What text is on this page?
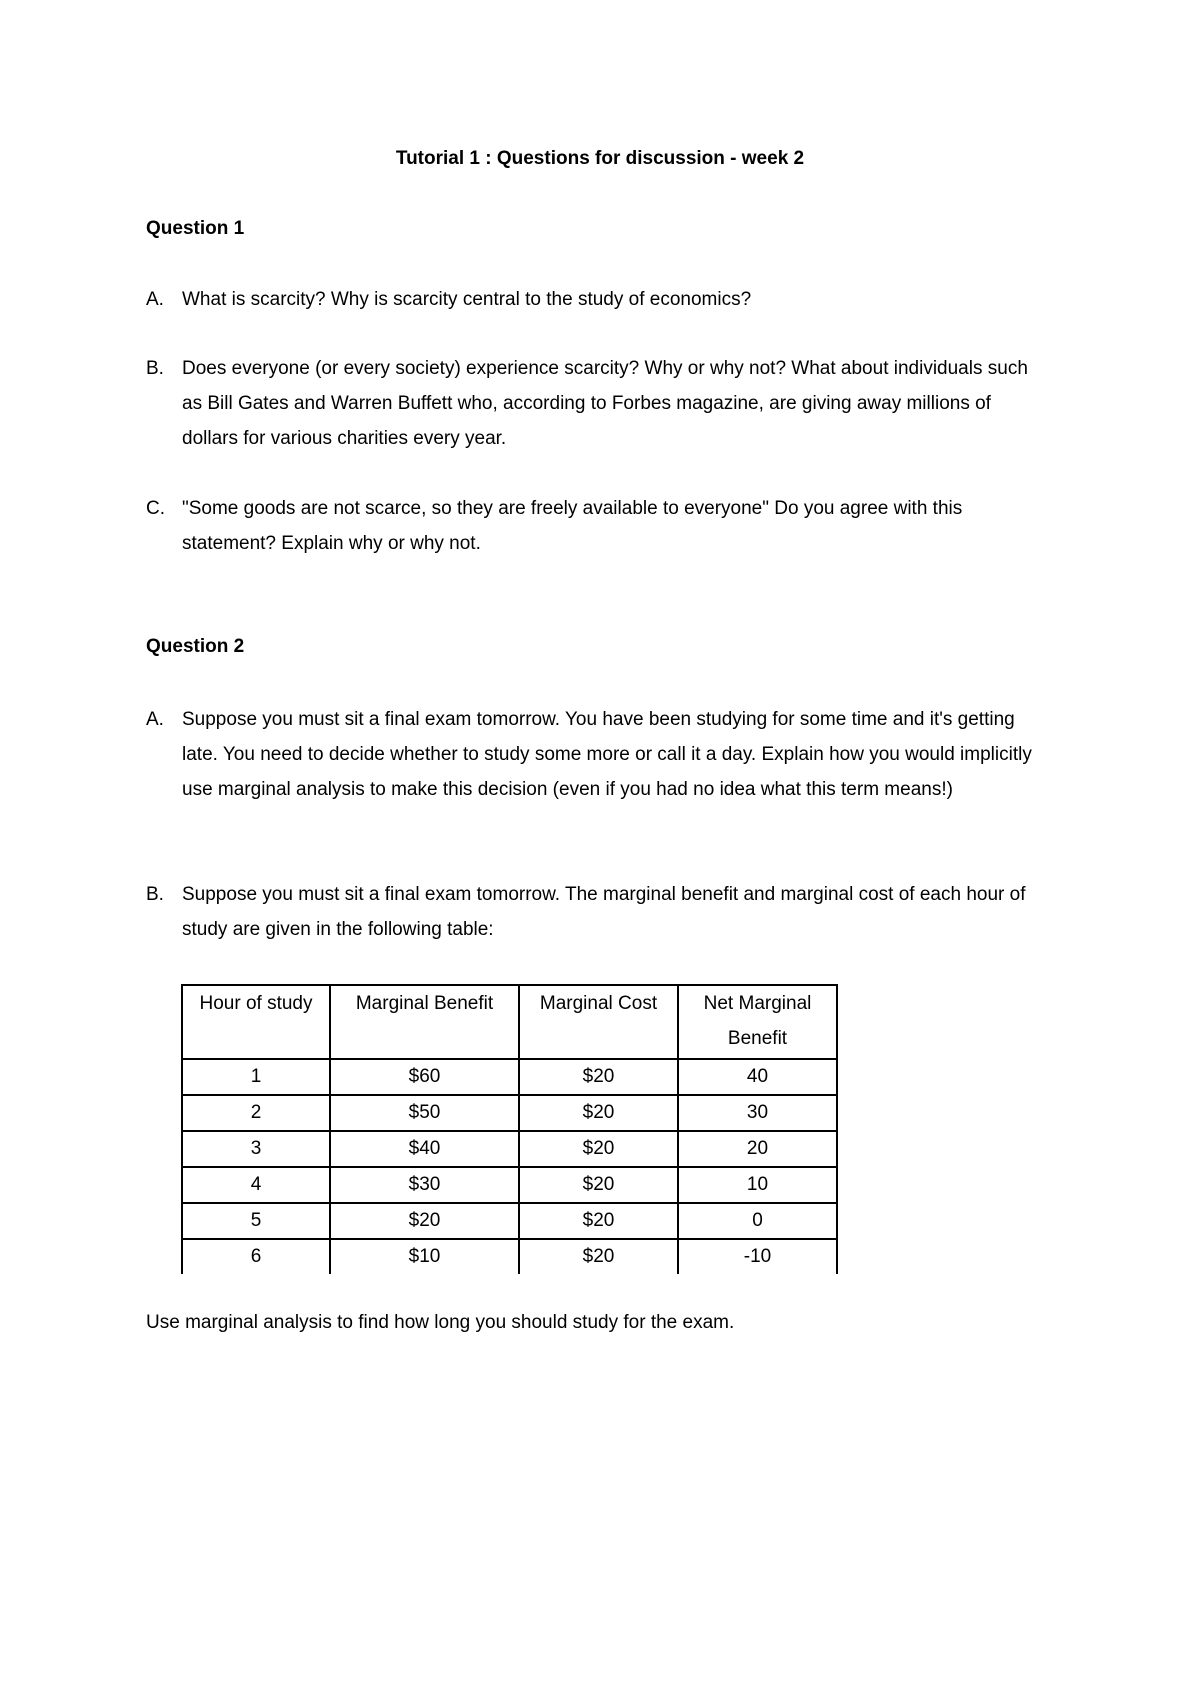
Tutorial 1 : Questions for discussion - week 2
Question 1
A. What is scarcity? Why is scarcity central to the study of economics?
B. Does everyone (or every society) experience scarcity? Why or why not? What about individuals such as Bill Gates and Warren Buffett who, according to Forbes magazine, are giving away millions of dollars for various charities every year.
C. "Some goods are not scarce, so they are freely available to everyone" Do you agree with this statement? Explain why or why not.
Question 2
A. Suppose you must sit a final exam tomorrow. You have been studying for some time and it's getting late. You need to decide whether to study some more or call it a day. Explain how you would implicitly use marginal analysis to make this decision (even if you had no idea what this term means!)
B. Suppose you must sit a final exam tomorrow. The marginal benefit and marginal cost of each hour of study are given in the following table:
Hour of study	Marginal Benefit	Marginal Cost	Net Marginal Benefit
1	$60	$20	40
2	$50	$20	30
3	$40	$20	20
4	$30	$20	10
5	$20	$20	0
6	$10	$20	-10
Use marginal analysis to find how long you should study for the exam.
